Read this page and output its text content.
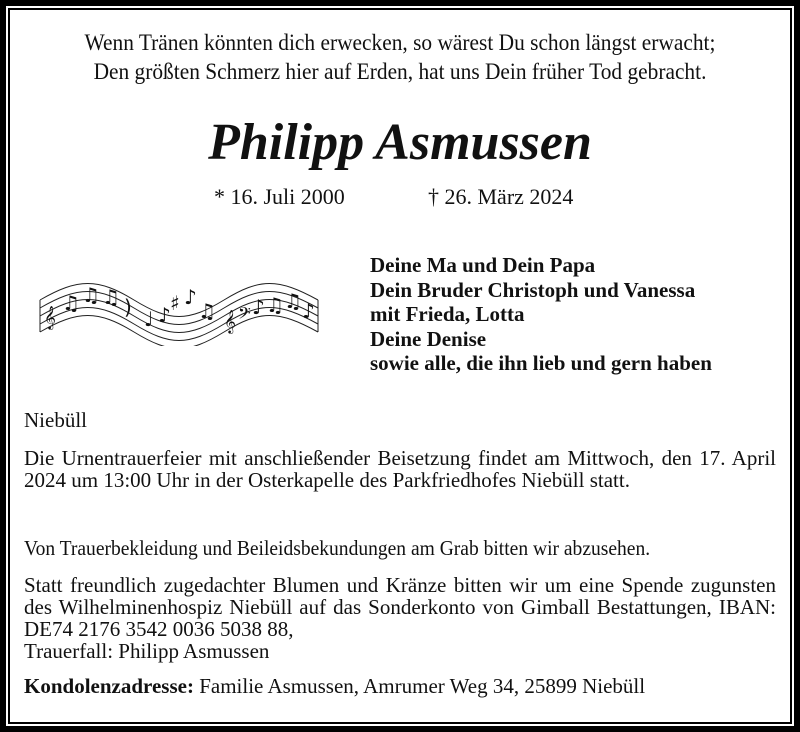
Wenn Tränen könnten dich erwecken, so wärest Du schon längst erwacht;
Den größten Schmerz hier auf Erden, hat uns Dein früher Tod gebracht.
Philipp Asmussen
* 16. Juli 2000	† 26. März 2024
𝄞
♫ ♫ ♫ ) ♩ ♪ ♯ ♪
♫ 𝄞 𝄢 ♪ ♫ ♫ ♪
Deine Ma und Dein Papa
Dein Bruder Christoph und Vanessa
mit Frieda, Lotta
Deine Denise
sowie alle, die ihn lieb und gern haben
Niebüll
Die Urnentrauerfeier mit anschließender Beisetzung findet am Mittwoch, den 17. April 2024 um 13:00 Uhr in der Osterkapelle des Parkfriedhofes Niebüll statt.
Von Trauerbekleidung und Beileidsbekundungen am Grab bitten wir abzusehen.
Statt freundlich zugedachter Blumen und Kränze bitten wir um eine Spende zugunsten des Wilhelminenhospiz Niebüll auf das Sonderkonto von Gimball Bestattungen, IBAN: DE74 2176 3542 0036 5038 88,
Trauerfall: Philipp Asmussen
Kondolenzadresse: Familie Asmussen, Amrumer Weg 34, 25899 Niebüll
